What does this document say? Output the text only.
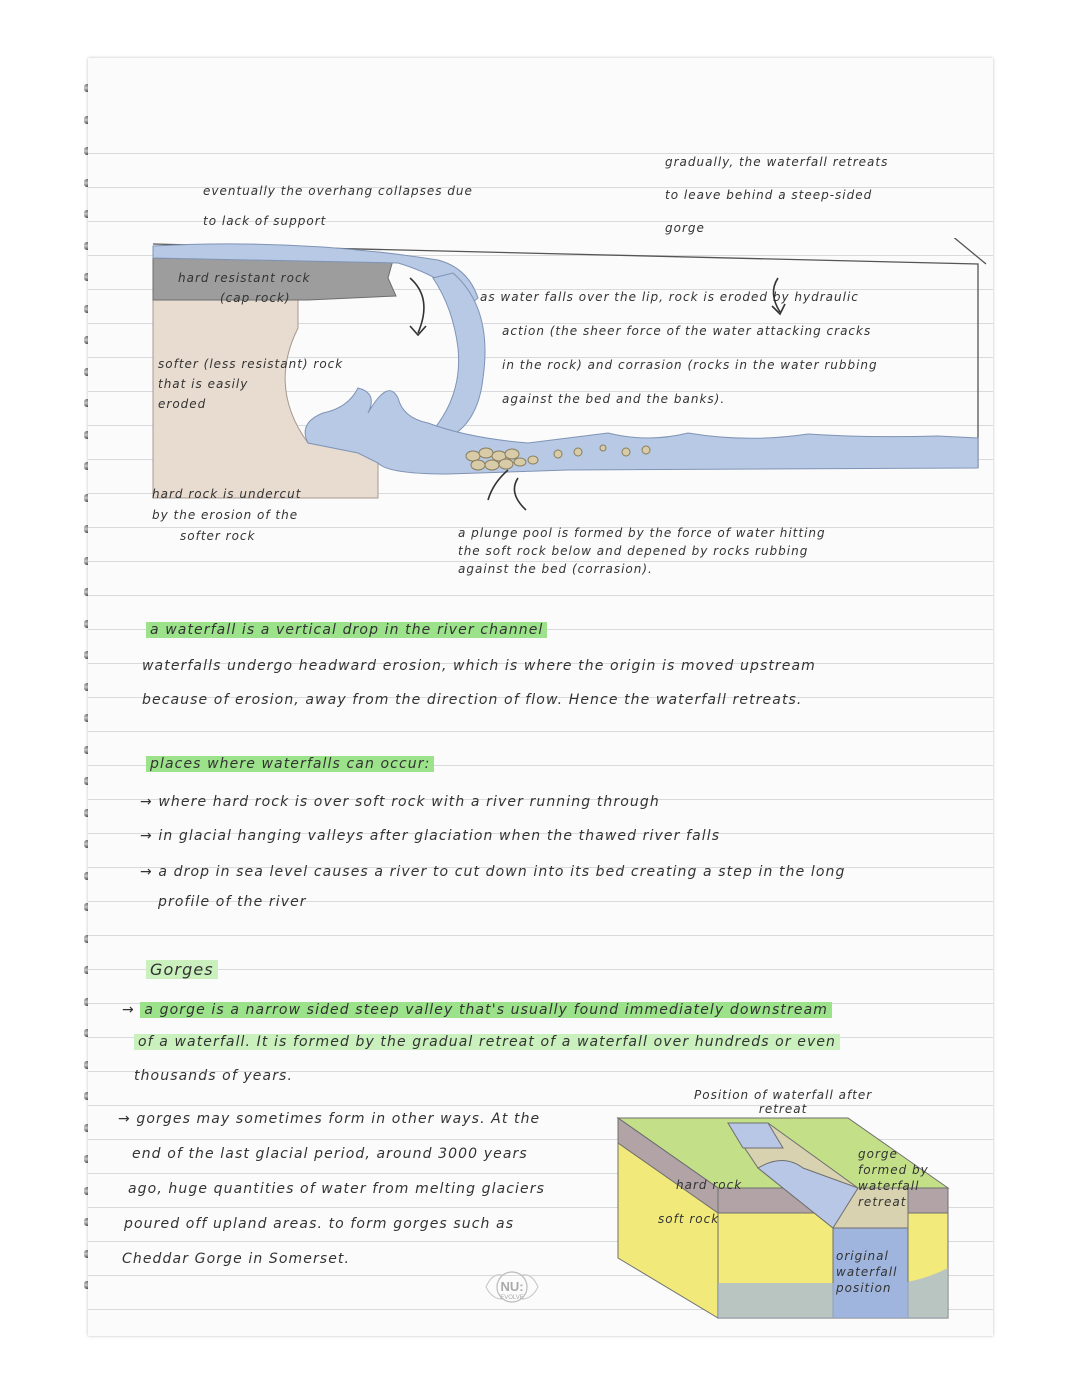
eventually the overhang collapses due
to lack of support
gradually, the waterfall retreats
to leave behind a steep-sided
gorge
hard resistant rock
(cap rock)
softer (less resistant) rock
that is easily
eroded
hard rock is undercut
by the erosion of the
softer rock
as water falls over the lip, rock is eroded by hydraulic
action (the sheer force of the water attacking cracks
in the rock) and corrasion (rocks in the water rubbing
against the bed and the banks).
a plunge pool is formed by the force of water hitting
the soft rock below and depened by rocks rubbing
against the bed (corrasion).
a waterfall is a vertical drop in the river channel
waterfalls undergo headward erosion, which is where the origin is moved upstream
because of erosion, away from the direction of flow. Hence the waterfall retreats.
places where waterfalls can occur:
→ where hard rock is over soft rock with a river running through
→ in glacial hanging valleys after glaciation when the thawed river falls
→ a drop in sea level causes a river to cut down into its bed creating a step in the long
profile of the river
Gorges
→ a gorge is a narrow sided steep valley that's usually found immediately downstream
of a waterfall. It is formed by the gradual retreat of a waterfall over hundreds or even
thousands of years.
→ gorges may sometimes form in other ways. At the
end of the last glacial period, around 3000 years
ago, huge quantities of water from melting glaciers
poured off upland areas. to form gorges such as
Cheddar Gorge in Somerset.
Position of waterfall after
retreat
gorge
formed by
waterfall
retreat
hard rock
soft rock
original
waterfall
position
NU:
EVOLVE
